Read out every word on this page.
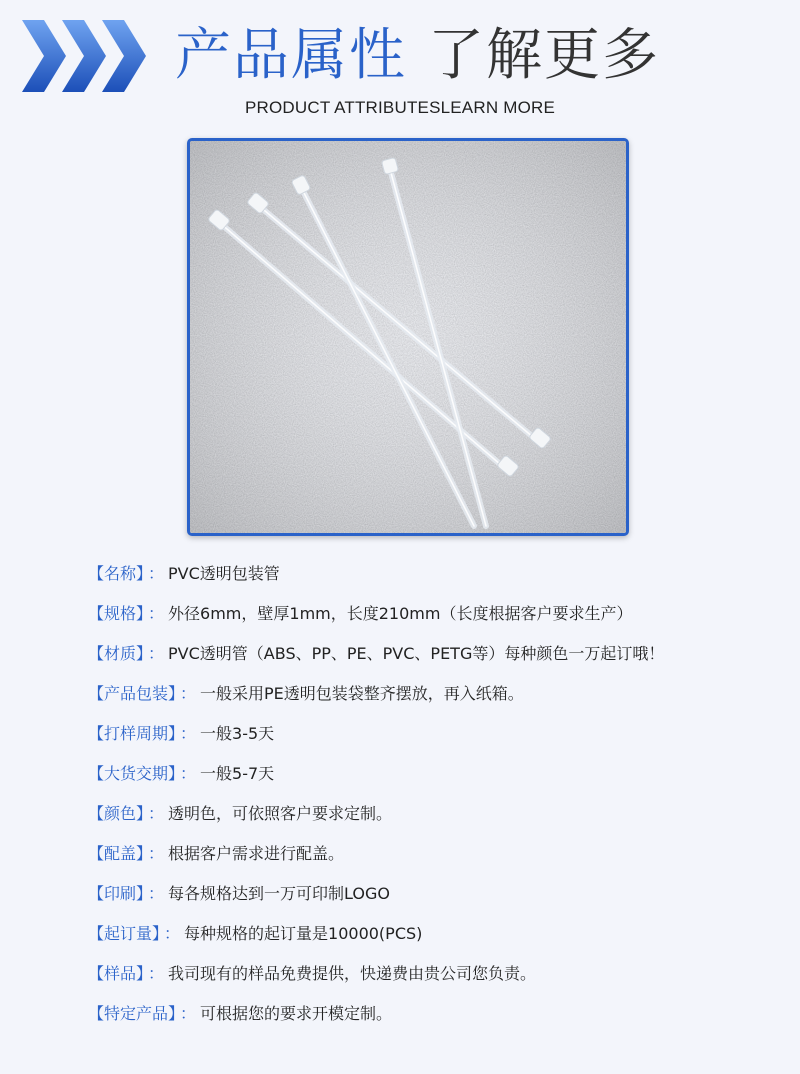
产品属性 了解更多
PRODUCT ATTRIBUTESLEARN MORE
【名称】 ： PVC透明包装管
【规格】 ： 外径6mm，壁厚1mm，长度210mm（长度根据客户要求生产）
【材质】 ： PVC透明管（ABS、PP、PE、PVC、PETG等）每种颜色一万起订哦！
【产品包装】 ： 一般采用PE透明包装袋整齐摆放，再入纸箱。
【打样周期】 ： 一般3-5天
【大货交期】 ： 一般5-7天
【颜色】 ： 透明色，可依照客户要求定制。
【配盖】 ： 根据客户需求进行配盖。
【印刷】 ： 每各规格达到一万可印制LOGO
【起订量】 ： 每种规格的起订量是10000(PCS)
【样品】 ： 我司现有的样品免费提供，快递费由贵公司您负责。
【特定产品】 ： 可根据您的要求开模定制。
